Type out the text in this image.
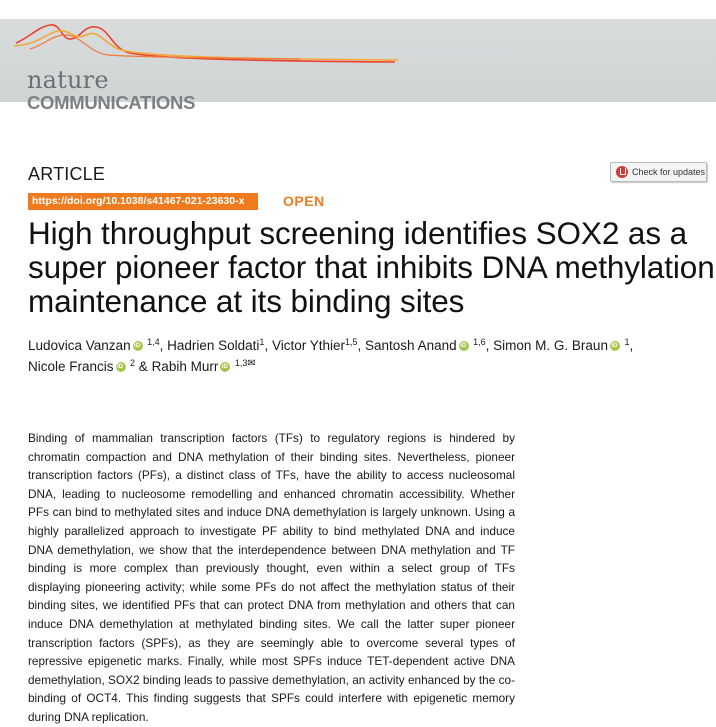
nature
COMMUNICATIONS
ARTICLE	Check for updates
https://doi.org/10.1038/s41467-021-23630-x	OPEN
High throughput screening identifies SOX2 as a super pioneer factor that inhibits DNA methylation maintenance at its binding sites
Ludovica VanzaniD $^{1,4}$, Hadrien Soldati$^1$, Victor Ythier$^{1,5}$, Santosh AnandiD $^{1,6}$, Simon M. G. BrauniD $^1$,
Nicole FrancisiD $^2$ & Rabih MurriD $^{1,3✉}$

Binding of mammalian transcription factors (TFs) to regulatory regions is hindered by chromatin compaction and DNA methylation of their binding sites. Nevertheless, pioneer transcription factors (PFs), a distinct class of TFs, have the ability to access nucleosomal DNA, leading to nucleosome remodelling and enhanced chromatin accessibility. Whether PFs can bind to methylated sites and induce DNA demethylation is largely unknown. Using a highly parallelized approach to investigate PF ability to bind methylated DNA and induce DNA demethylation, we show that the interdependence between DNA methylation and TF binding is more complex than previously thought, even within a select group of TFs displaying pioneering activity; while some PFs do not affect the methylation status of their binding sites, we identified PFs that can protect DNA from methylation and others that can induce DNA demethylation at methylated binding sites. We call the latter super pioneer transcription factors (SPFs), as they are seemingly able to overcome several types of repressive epigenetic marks. Finally, while most SPFs induce TET-dependent active DNA demethylation, SOX2 binding leads to passive demethylation, an activity enhanced by the co-binding of OCT4. This finding suggests that SPFs could interfere with epigenetic memory during DNA replication.
